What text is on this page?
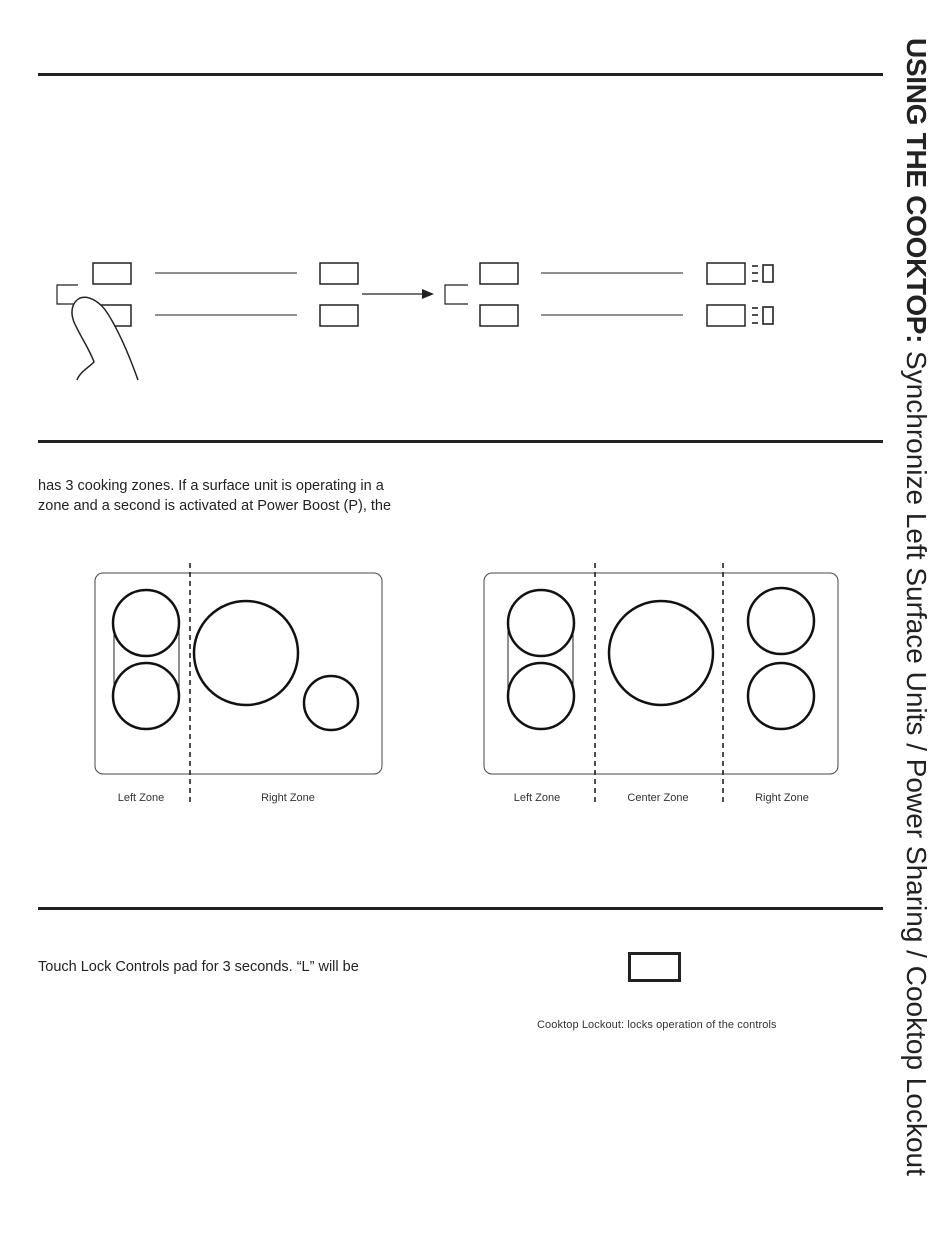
USING THE COOKTOP: Synchronize Left Surface Units / Power Sharing / Cooktop Lockout

has 3 cooking zones. If a surface unit is operating in a

zone and a second is activated at Power Boost (P), the

Left Zone	Right Zone	Left Zone	Center Zone	Right Zone

Touch Lock Controls pad for 3 seconds. “L” will be

Cooktop Lockout: locks operation of the controls
